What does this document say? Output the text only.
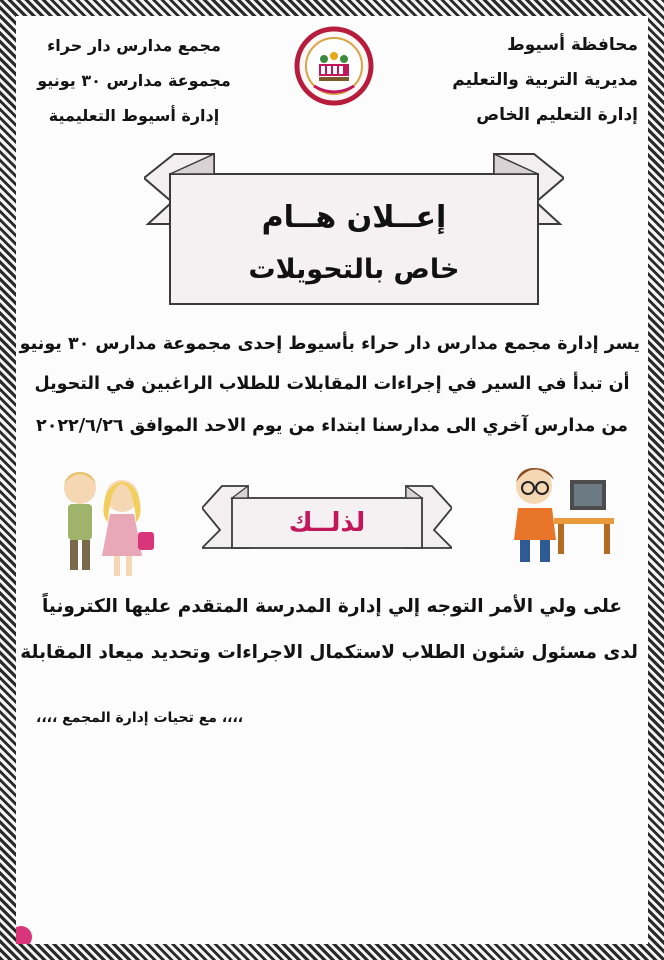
محافظة أسيوط
مديرية التربية والتعليم
إدارة التعليم الخاص
مجمع مدارس دار حراء
مجموعة مدارس ٣٠ يونيو
إدارة أسيوط التعليمية
إعــلان هــام
خاص بالتحويلات
يسر إدارة مجمع مدارس دار حراء بأسيوط إحدى مجموعة مدارس ٣٠ يونيو
أن تبدأ في السير في إجراءات المقابلات للطلاب الراغبين في التحويل
من مدارس آخري الى مدارسنا ابتداء من يوم الاحد الموافق ٢٠٢٢/٦/٢٦
لذلــك
على ولي الأمر التوجه إلي إدارة المدرسة المتقدم عليها الكترونياً
لدى مسئول شئون الطلاب لاستكمال الاجراءات وتحديد ميعاد المقابلة
،،،، مع تحيات إدارة المجمع ،،،،
